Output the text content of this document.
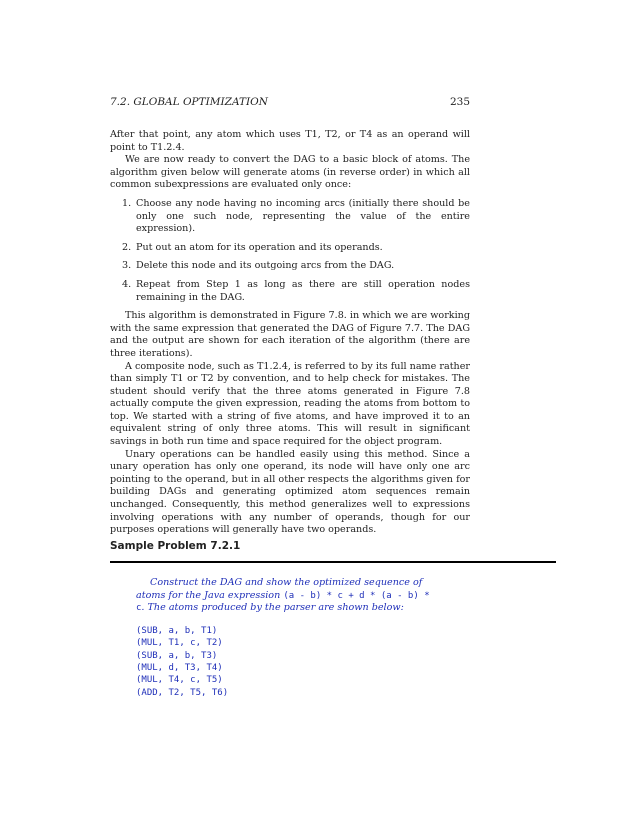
7.2. GLOBAL OPTIMIZATION	235

After that point, any atom which uses T1, T2, or T4 as an operand will point to T1.2.4.

We are now ready to convert the DAG to a basic block of atoms. The algorithm given below will generate atoms (in reverse order) in which all common subexpressions are evaluated only once:

1. Choose any node having no incoming arcs (initially there should be only one such node, representing the value of the entire expression).
2. Put out an atom for its operation and its operands.
3. Delete this node and its outgoing arcs from the DAG.
4. Repeat from Step 1 as long as there are still operation nodes remaining in the DAG.

This algorithm is demonstrated in Figure 7.8. in which we are working with the same expression that generated the DAG of Figure 7.7. The DAG and the output are shown for each iteration of the algorithm (there are three iterations).

A composite node, such as T1.2.4, is referred to by its full name rather than simply T1 or T2 by convention, and to help check for mistakes. The student should verify that the three atoms generated in Figure 7.8 actually compute the given expression, reading the atoms from bottom to top. We started with a string of five atoms, and have improved it to an equivalent string of only three atoms. This will result in significant savings in both run time and space required for the object program.

Unary operations can be handled easily using this method. Since a unary operation has only one operand, its node will have only one arc pointing to the operand, but in all other respects the algorithms given for building DAGs and generating optimized atom sequences remain unchanged. Consequently, this method generalizes well to expressions involving operations with any number of operands, though for our purposes operations will generally have two operands.

Sample Problem 7.2.1
Construct the DAG and show the optimized sequence of atoms for the Java expression (a - b) * c + d * (a - b) * c. The atoms produced by the parser are shown below:
(SUB, a, b, T1)
(MUL, T1, c, T2)
(SUB, a, b, T3)
(MUL, d, T3, T4)
(MUL, T4, c, T5)
(ADD, T2, T5, T6)
